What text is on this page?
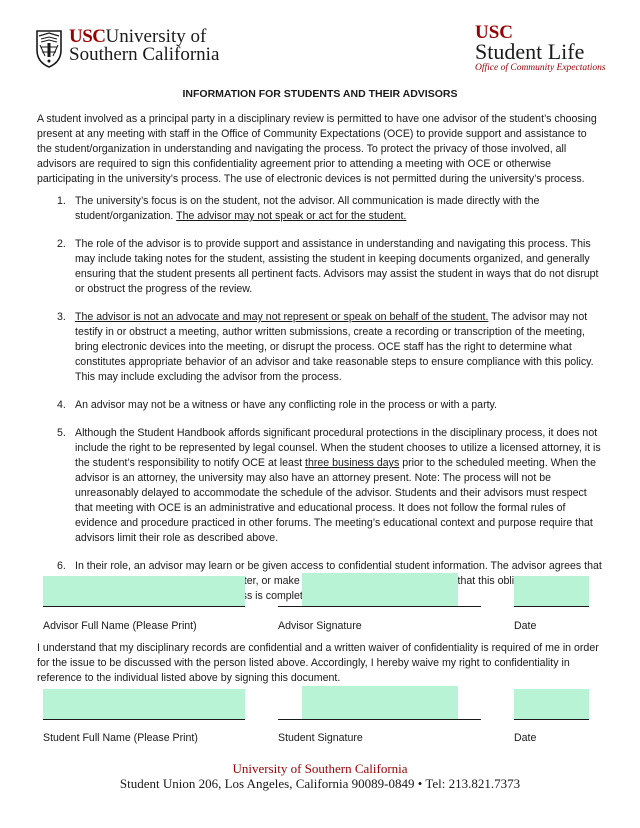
USCUniversity of
Southern California
USC
Student Life
Office of Community Expectations
INFORMATION FOR STUDENTS AND THEIR ADVISORS
A student involved as a principal party in a disciplinary review is permitted to have one advisor of the student’s choosing present at any meeting with staff in the Office of Community Expectations (OCE) to provide support and assistance to the student/organization in understanding and navigating the process. To protect the privacy of those involved, all advisors are required to sign this confidentiality agreement prior to attending a meeting with OCE or otherwise participating in the university’s process. The use of electronic devices is not permitted during the university’s process.
1. The university’s focus is on the student, not the advisor. All communication is made directly with the student/organization. The advisor may not speak or act for the student.
2. The role of the advisor is to provide support and assistance in understanding and navigating this process. This may include taking notes for the student, assisting the student in keeping documents organized, and generally ensuring that the student presents all pertinent facts. Advisors may assist the student in ways that do not disrupt or obstruct the progress of the review.
3. The advisor is not an advocate and may not represent or speak on behalf of the student. The advisor may not testify in or obstruct a meeting, author written submissions, create a recording or transcription of the meeting, bring electronic devices into the meeting, or disrupt the process. OCE staff has the right to determine what constitutes appropriate behavior of an advisor and take reasonable steps to ensure compliance with this policy. This may include excluding the advisor from the process.
4. An advisor may not be a witness or have any conflicting role in the process or with a party.
5. Although the Student Handbook affords significant procedural protections in the disciplinary process, it does not include the right to be represented by legal counsel. When the student chooses to utilize a licensed attorney, it is the student’s responsibility to notify OCE at least three business days prior to the scheduled meeting. When the advisor is an attorney, the university may also have an attorney present. Note: The process will not be unreasonably delayed to accommodate the schedule of the advisor. Students and their advisors must respect that meeting with OCE is an administrative and educational process. It does not follow the formal rules of evidence and procedure practiced in other forums. The meeting’s educational context and purpose require that advisors limit their role as described above.
6. In their role, an advisor may learn or be given access to confidential student information. The advisor agrees that alter, or make that this is completed.
Advisor Full Name (Please Print)	Advisor Signature	Date
I understand that my disciplinary records are confidential and a written waiver of confidentiality is required of me in order for the issue to be discussed with the person listed above. Accordingly, I hereby waive my right to confidentiality in reference to the individual listed above by signing this document.
Student Full Name (Please Print)	Student Signature	Date
University of Southern California
Student Union 206, Los Angeles, California 90089-0849 • Tel: 213.821.7373
